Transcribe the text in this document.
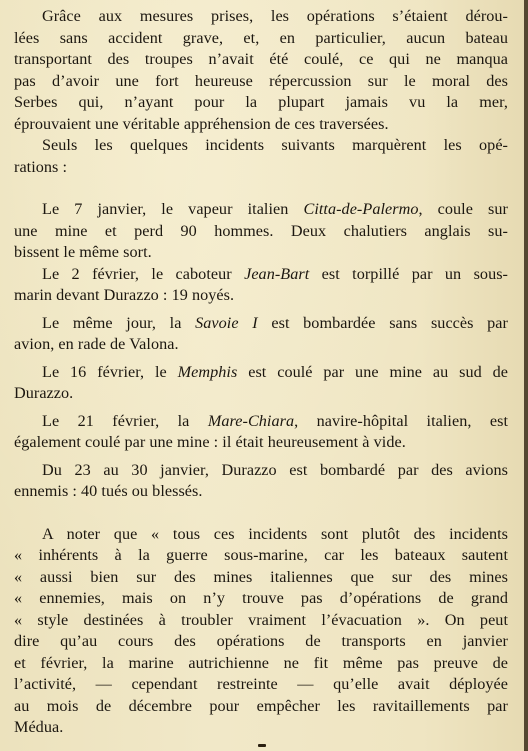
Grâce aux mesures prises, les opérations s’étaient dérou-
lées sans accident grave, et, en particulier, aucun bateau
transportant des troupes n’avait été coulé, ce qui ne manqua
pas d’avoir une fort heureuse répercussion sur le moral des
Serbes qui, n’ayant pour la plupart jamais vu la mer,
éprouvaient une véritable appréhension de ces traversées.
Seuls les quelques incidents suivants marquèrent les opé-
rations :
Le 7 janvier, le vapeur italien Citta-de-Palermo, coule sur
une mine et perd 90 hommes. Deux chalutiers anglais su-
bissent le même sort.
Le 2 février, le caboteur Jean-Bart est torpillé par un sous-
marin devant Durazzo : 19 noyés.
Le même jour, la Savoie I est bombardée sans succès par
avion, en rade de Valona.
Le 16 février, le Memphis est coulé par une mine au sud de
Durazzo.
Le 21 février, la Mare-Chiara, navire-hôpital italien, est
également coulé par une mine : il était heureusement à vide.
Du 23 au 30 janvier, Durazzo est bombardé par des avions
ennemis : 40 tués ou blessés.
A noter que « tous ces incidents sont plutôt des incidents
« inhérents à la guerre sous-marine, car les bateaux sautent
« aussi bien sur des mines italiennes que sur des mines
« ennemies, mais on n’y trouve pas d’opérations de grand
« style destinées à troubler vraiment l’évacuation ». On peut
dire qu’au cours des opérations de transports en janvier
et février, la marine autrichienne ne fit même pas preuve de
l’activité, — cependant restreinte — qu’elle avait déployée
au mois de décembre pour empêcher les ravitaillements par
Médua.
